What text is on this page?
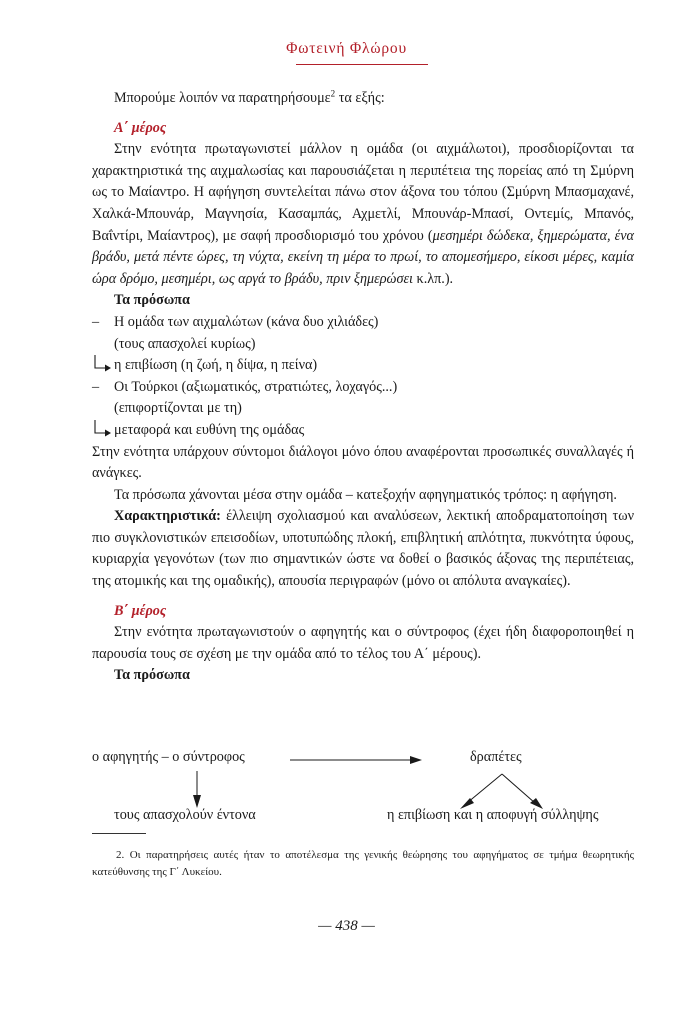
Φωτεινή Φλώρου

Μπορούμε λοιπόν να παρατηρήσουμε$^2$ τα εξής:

Α΄ μέρος

Στην ενότητα πρωταγωνιστεί μάλλον η ομάδα (οι αιχμάλωτοι), προσδιορίζονται τα χαρακτηριστικά της αιχμαλωσίας και παρουσιάζεται η περιπέτεια της πορείας από τη Σμύρνη ως το Μαίαντρο. Η αφήγηση συντελείται πάνω στον άξονα του τόπου (Σμύρνη Μπασμαχανέ, Χαλκά-Μπουνάρ, Μαγνησία, Κασαμπάς, Αχμετλί, Μπουνάρ-Μπασί, Οντεμίς, Μπανός, Βαΐντίρι, Μαίαντρος), με σαφή προσδιορισμό του χρόνου (μεσημέρι δώδεκα, ξημερώματα, ένα βράδυ, μετά πέντε ώρες, τη νύχτα, εκείνη τη μέρα το πρωί, το απομεσήμερο, είκοσι μέρες, καμία ώρα δρόμο, μεσημέρι, ως αργά το βράδυ, πριν ξημερώσει κ.λπ.).

Τα πρόσωπα

– Η ομάδα των αιχμαλώτων (κάνα δυο χιλιάδες)
(τους απασχολεί κυρίως)
η επιβίωση (η ζωή, η δίψα, η πείνα)
– Οι Τούρκοι (αξιωματικός, στρατιώτες, λοχαγός...)
(επιφορτίζονται με τη)
μεταφορά και ευθύνη της ομάδας

Στην ενότητα υπάρχουν σύντομοι διάλογοι μόνο όπου αναφέρονται προσωπικές συναλλαγές ή ανάγκες.

Τα πρόσωπα χάνονται μέσα στην ομάδα – κατεξοχήν αφηγηματικός τρόπος: η αφήγηση.

Χαρακτηριστικά: έλλειψη σχολιασμού και αναλύσεων, λεκτική αποδραματοποίηση των πιο συγκλονιστικών επεισοδίων, υποτυπώδης πλοκή, επιβλητική απλότητα, πυκνότητα ύφους, κυριαρχία γεγονότων (των πιο σημαντικών ώστε να δοθεί ο βασικός άξονας της περιπέτειας, της ατομικής και της ομαδικής), απουσία περιγραφών (μόνο οι απόλυτα αναγκαίες).

Β΄ μέρος

Στην ενότητα πρωταγωνιστούν ο αφηγητής και ο σύντροφος (έχει ήδη διαφοροποιηθεί η παρουσία τους σε σχέση με την ομάδα από το τέλος του Α΄ μέρους).

Τα πρόσωπα

ο αφηγητής – ο σύντροφος	δραπέτες
τους απασχολούν έντονα	η επιβίωση και η αποφυγή σύλληψης

2. Οι παρατηρήσεις αυτές ήταν το αποτέλεσμα της γενικής θεώρησης του αφηγήματος σε τμήμα θεωρητικής κατεύθυνσης της Γ΄ Λυκείου.

— 438 —
